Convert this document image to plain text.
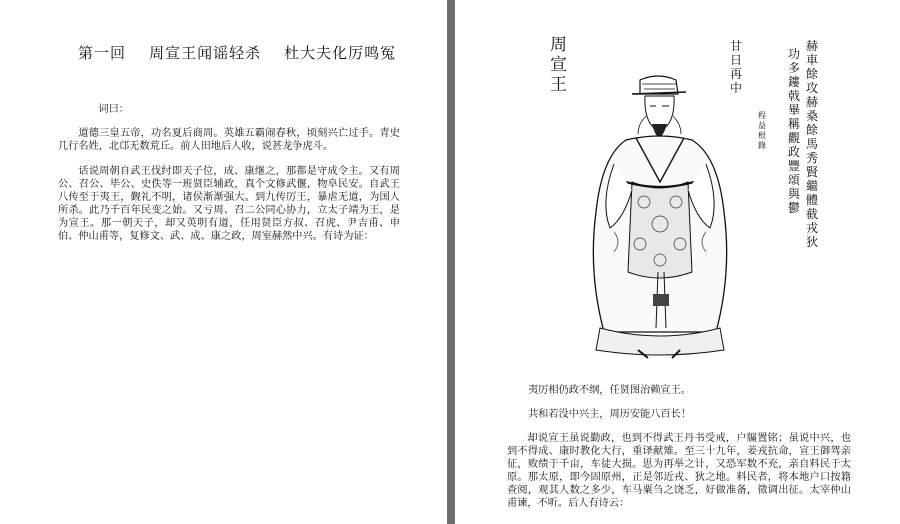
第一回    周宣王闻谣轻杀    杜大夫化厉鸣冤

词曰：

道德三皇五帝，功名夏后商周。英雄五霸闹春秋，顷刻兴亡过手。青史几行名姓，北邙无数荒丘。前人田地后人收，说甚龙争虎斗。

话说周朝自武王伐纣即天子位，成、康继之，那都是守成令主。又有周公、召公、毕公、史佚等一班贤臣辅政，真个文修武偃，物阜民安。自武王八传至于夷王，觐礼不明，诸侯渐渐强大。到九传厉王，暴虐无道，为国人所杀。此乃千百年民变之始。又亏周、召二公同心协力，立太子靖为王，是为宣王。那一朝天子，却又英明有道，任用贤臣方叔、召虎、尹吉甫、申伯、仲山甫等，复修文、武、成、康之政，周室赫然中兴。有诗为证：

周
宣
王
赫
車
餘
攻
赫
桑
餘
馬
秀
賢
繼
體
截
戎
狄
功
多
鏤
戟
畢
稱
觀
政
豐
頌
與
鬱
甘
日
再
中
程
益
根
錄

夷厉相仍政不纲，任贤图治赖宣王。

共和若没中兴主，周历安能八百长！

却说宣王虽说勤政，也到不得武王丹书受戒，户牖置铭；虽说中兴，也到不得成、康时教化大行，重译献雉。至三十九年，姜戎抗命，宣王御驾亲征，败绩于千亩，车徒大损。思为再举之计，又恐军数不充，亲自料民于太原。那太原，即今固原州，正是邻近戎、狄之地。料民者，将本地户口按籍查阅，观其人数之多少，车马粟刍之饶乏，好做准备，徵调出征。太宰仲山甫谏，不听。后人有诗云：
